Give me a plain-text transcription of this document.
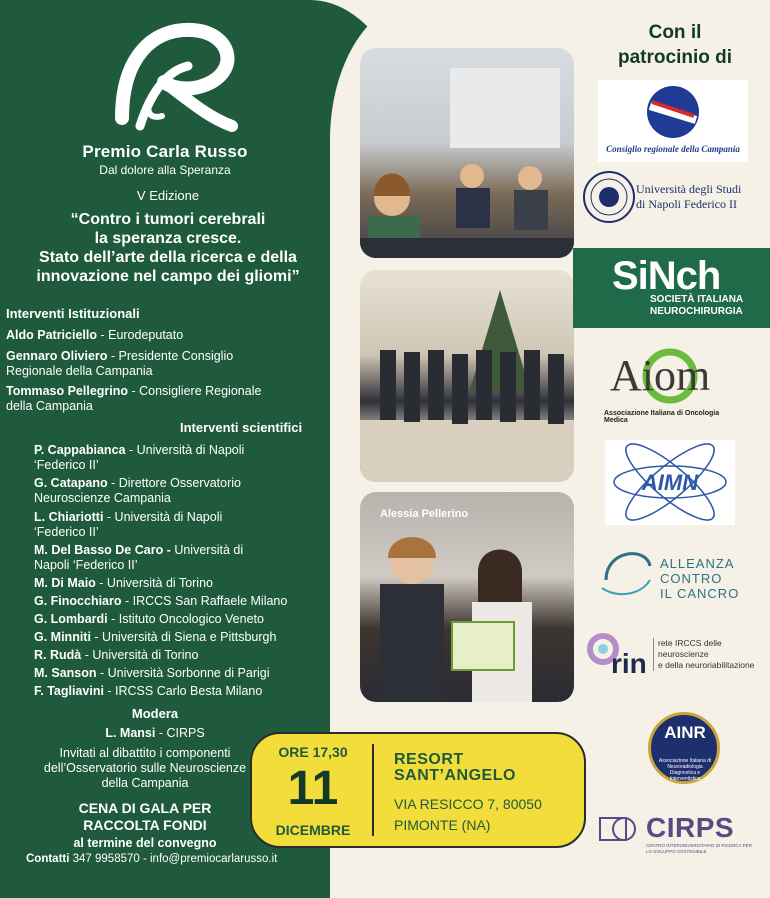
Premio Carla Russo
Dal dolore alla Speranza
V Edizione
“Contro i tumori cerebrali
la speranza cresce.
Stato dell’arte della ricerca e della
innovazione nel campo dei gliomi”
Interventi Istituzionali
Aldo Patriciello - Eurodeputato
Gennaro Oliviero - Presidente Consiglio
Regionale della Campania
Tommaso Pellegrino - Consigliere Regionale
della Campania
Interventi scientifici
P. Cappabianca - Università di Napoli
‘Federico II’
G. Catapano - Direttore Osservatorio
Neuroscienze Campania
L. Chiariotti - Università di Napoli
‘Federico II’
M. Del Basso De Caro - Università di
Napoli ‘Federico II’
M. Di Maio - Università di Torino
G. Finocchiaro - IRCCS San Raffaele Milano
G. Lombardi - Istituto Oncologico Veneto
G. Minniti - Università di Siena e Pittsburgh
R. Rudà - Università di Torino
M. Sanson - Università Sorbonne di Parigi
F. Tagliavini - IRCSS Carlo Besta Milano
Modera
L. Mansi - CIRPS
Invitati al dibattito i componenti
dell’Osservatorio sulle Neuroscienze
della Campania
CENA DI GALA PER
RACCOLTA FONDI
al termine del convegno
Contatti 347 9958570 - info@premiocarlarusso.it
Alessia Pellerino
Con il
patrocinio di
Consiglio regionale della Campania
Università degli Studi
di Napoli Federico II
SiNch
SOCIETÀ ITALIANA
NEUROCHIRURGIA
Aiom
Associazione Italiana di Oncologia Medica
AIMN
ALLEANZA
CONTRO
IL CANCRO
rin
rete IRCCS delle neuroscienze
e della neuroriabilitazione
AINR
Associazione Italiana di Neuroradiologia Diagnostica e Interventistica
CIRPS
CENTRO INTERUNIVERSITARIO DI RICERCA PER LO SVILUPPO SOSTENIBILE
ORE 17,30
11
DICEMBRE
RESORT
SANT’ANGELO
VIA RESICCO 7, 80050
PIMONTE (NA)
